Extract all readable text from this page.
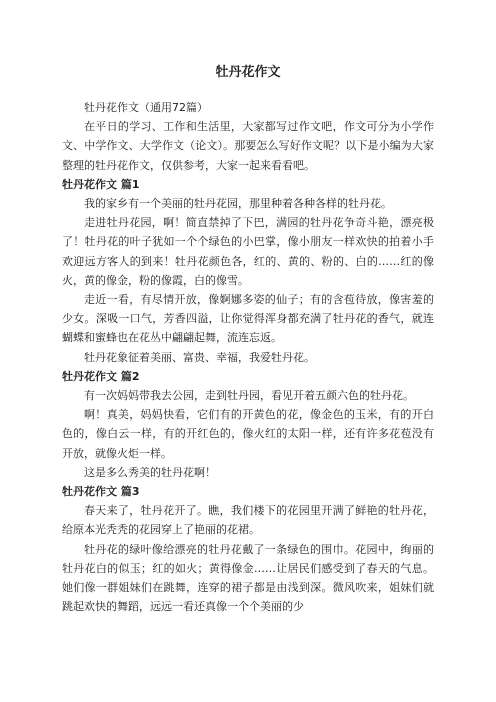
牡丹花作文

牡丹花作文（通用72篇）

在平日的学习、工作和生活里，大家都写过作文吧，作文可分为小学作文、中学作文、大学作文（论文）。那要怎么写好作文呢？以下是小编为大家整理的牡丹花作文，仅供参考，大家一起来看看吧。

牡丹花作文 篇1

我的家乡有一个美丽的牡丹花园，那里种着各种各样的牡丹花。

走进牡丹花园，啊！简直禁掉了下巴，满园的牡丹花争奇斗艳，漂亮极了！牡丹花的叶子犹如一个个绿色的小巴掌，像小朋友一样欢快的拍着小手欢迎远方客人的到来！牡丹花颜色各，红的、黄的、粉的、白的……红的像火，黄的像金，粉的像霞，白的像雪。

走近一看，有尽情开放，像婀娜多姿的仙子；有的含苞待放，像害羞的少女。深吸一口气，芳香四溢，让你觉得浑身都充满了牡丹花的香气，就连蝴蝶和蜜蜂也在花丛中翩翩起舞，流连忘返。

牡丹花象征着美丽、富贵、幸福，我爱牡丹花。

牡丹花作文 篇2

有一次妈妈带我去公园，走到牡丹园，看见开着五颜六色的牡丹花。

啊！真美，妈妈快看，它们有的开黄色的花，像金色的玉米，有的开白色的，像白云一样，有的开红色的，像火红的太阳一样，还有许多花苞没有开放，就像火炬一样。

这是多么秀美的牡丹花啊！

牡丹花作文 篇3

春天来了，牡丹花开了。瞧，我们楼下的花园里开满了鲜艳的牡丹花，给原本光秃秃的花园穿上了艳丽的花裙。

牡丹花的绿叶像给漂亮的牡丹花戴了一条绿色的围巾。花园中，绚丽的牡丹花白的似玉；红的如火；黄得像金……让居民们感受到了春天的气息。她们像一群姐妹们在跳舞，连穿的裙子都是由浅到深。微风吹来，姐妹们就跳起欢快的舞蹈，远远一看还真像一个个美丽的少
